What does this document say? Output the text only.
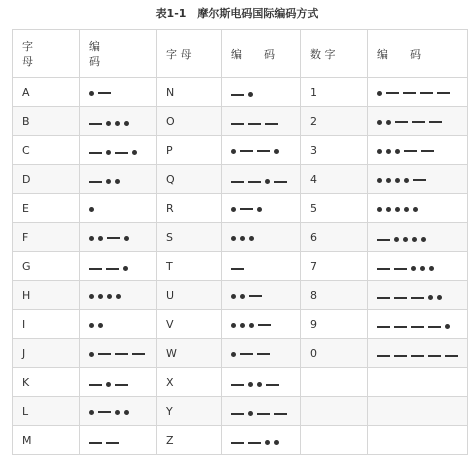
表1-1　摩尔斯电码国际编码方式
字母	编　码	字 母	编　　码	数 字	编　　码
A		N		1	

B		O		2	

C		P		3	

D		Q		4	

E		R		5	

F		S		6	

G		T		7	

H		U		8	

I		V		9	

J		W		0	

K		X	

L		Y	

M		Z	
